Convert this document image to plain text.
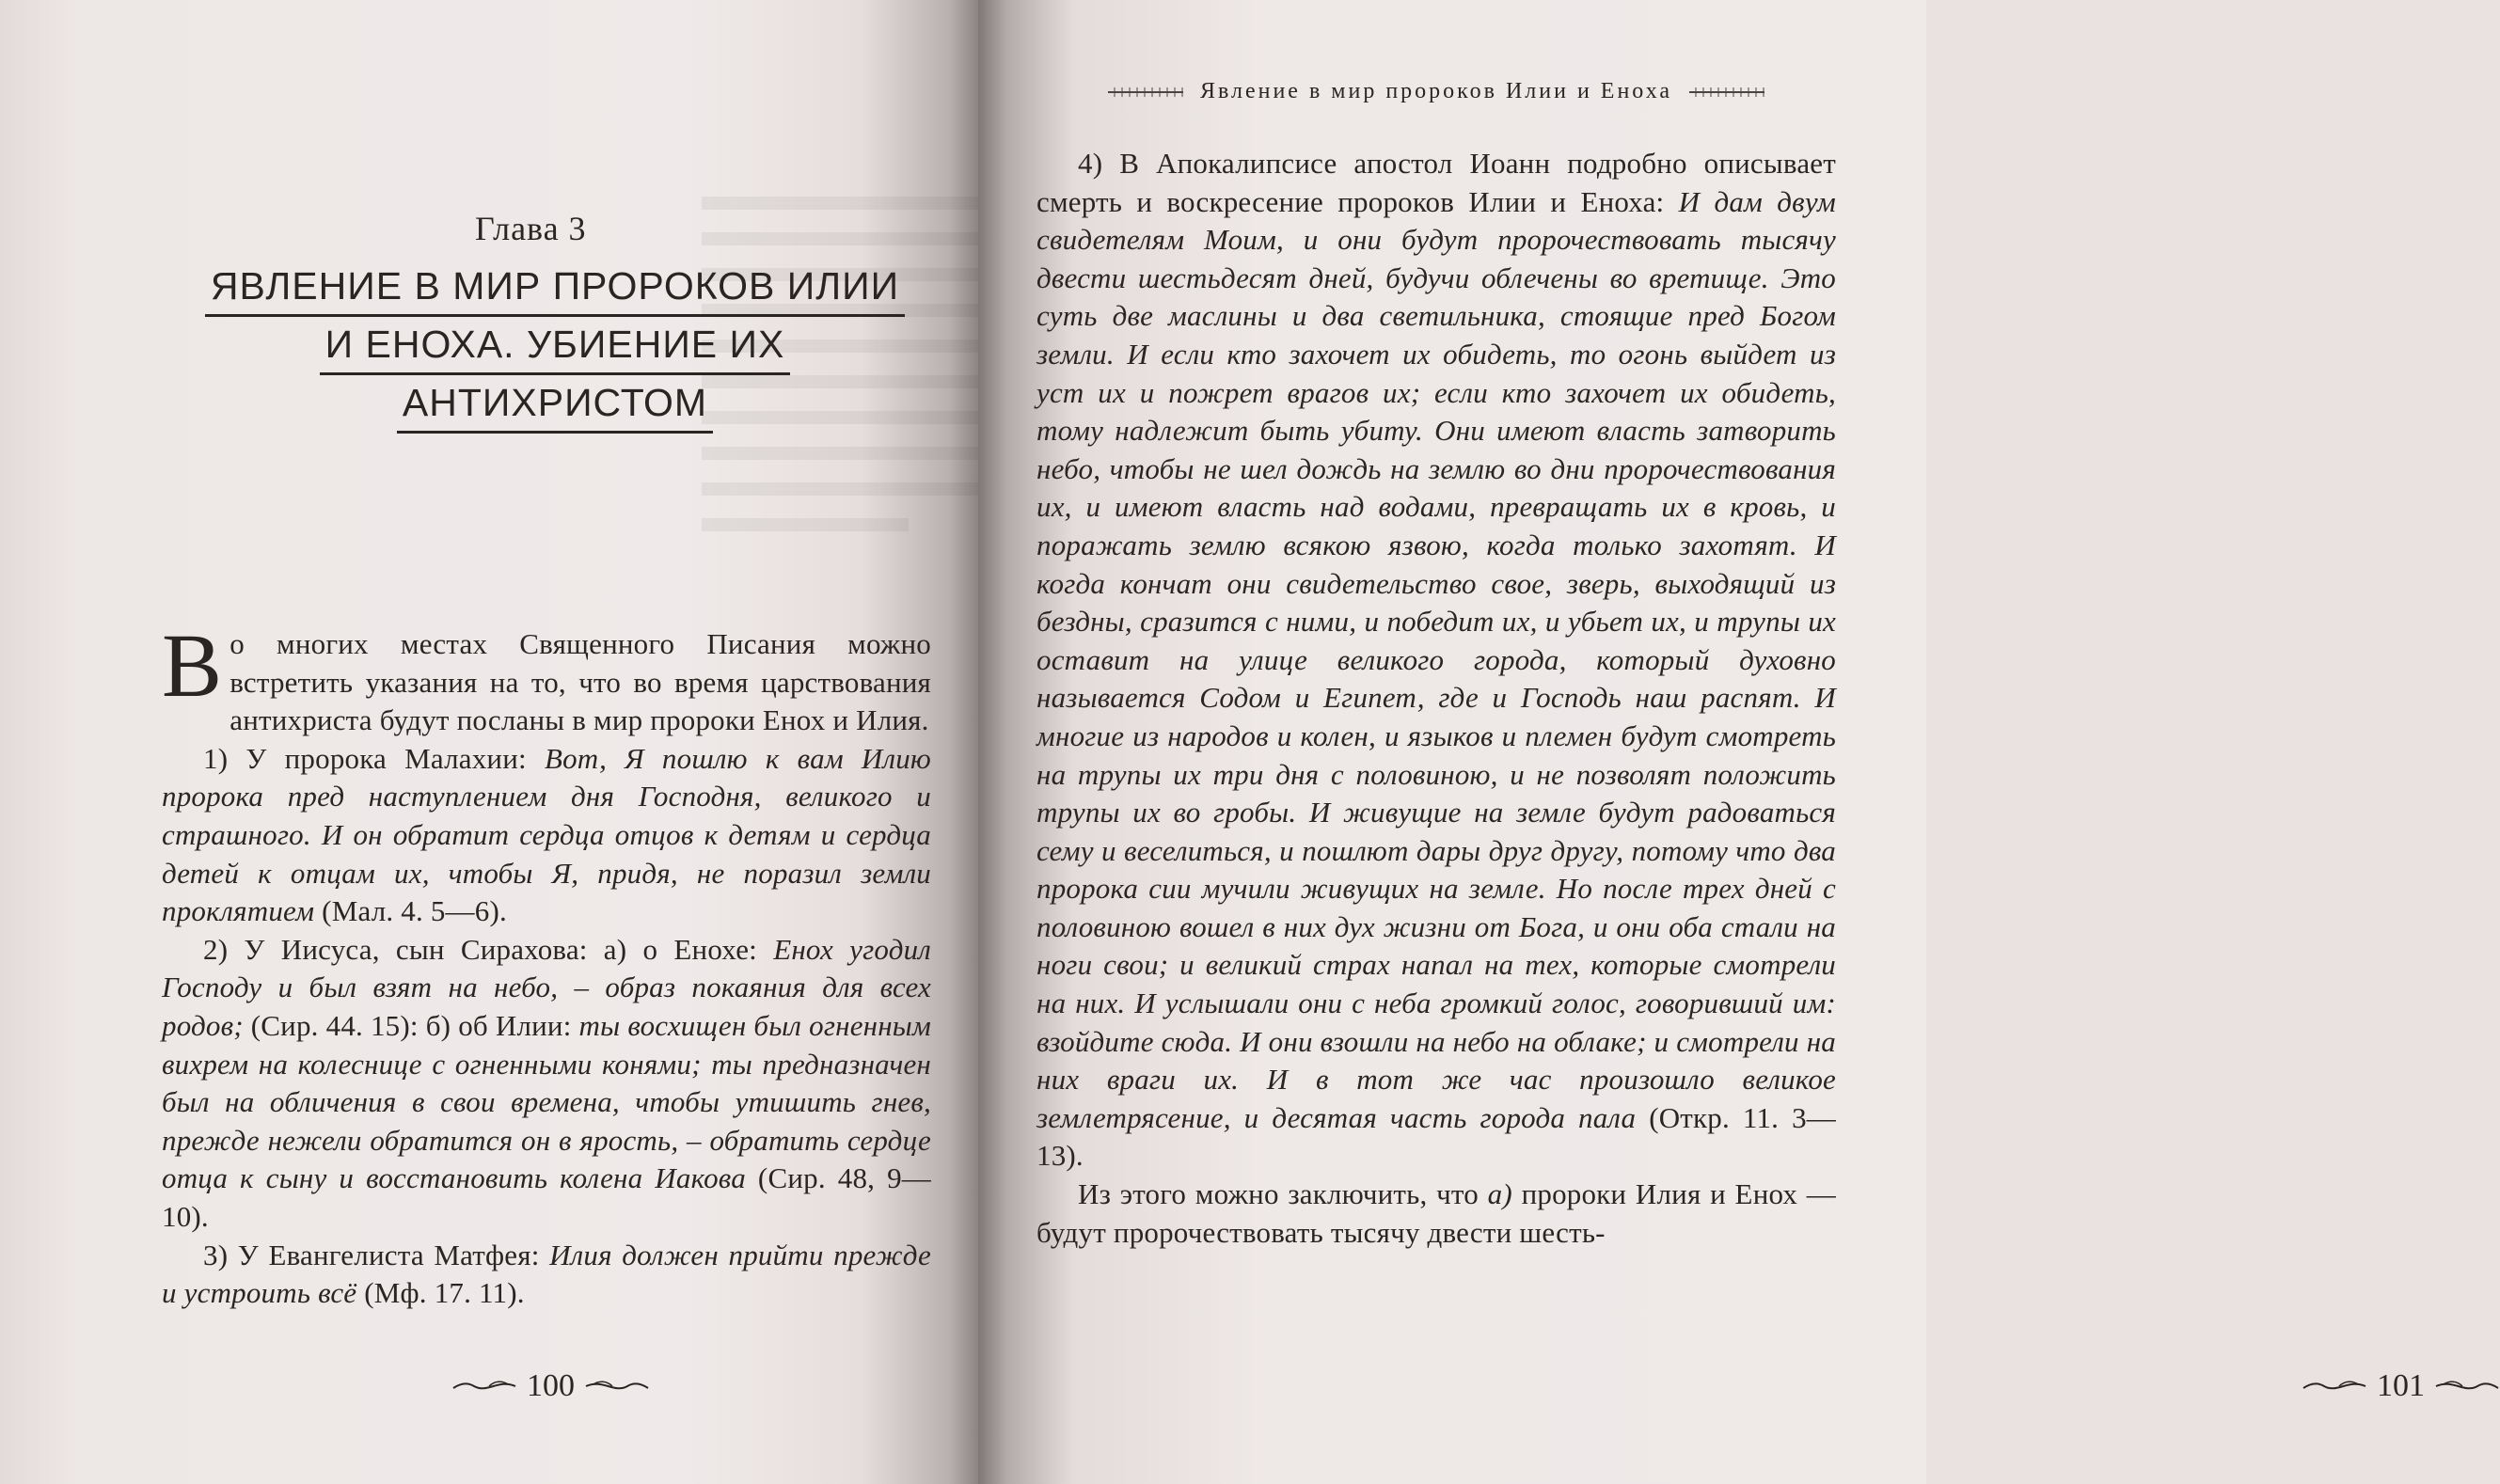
Глава 3
ЯВЛЕНИЕ В МИР ПРОРОКОВ ИЛИИ
И ЕНОХА. УБИЕНИЕ ИХ
АНТИХРИСТОМ

Во многих местах Священного Писания можно встретить указания на то, что во время царствования антихриста будут посланы в мир пророки Енох и Илия.

1) У пророка Малахии: Вот, Я пошлю к вам Илию пророка пред наступлением дня Господня, великого и страшного. И он обратит сердца отцов к детям и сердца детей к отцам их, чтобы Я, придя, не поразил земли проклятием (Мал. 4. 5—6).

2) У Иисуса, сын Сирахова: а) о Енохе: Енох угодил Господу и был взят на небо, – образ покаяния для всех родов; (Сир. 44. 15): б) об Илии: ты восхищен был огненным вихрем на колеснице с огненными конями; ты предназначен был на обличения в свои времена, чтобы утишить гнев, прежде нежели обратится он в ярость, – обратить сердце отца к сыну и восстановить колена Иакова (Сир. 48, 9—10).

3) У Евангелиста Матфея: Илия должен прийти прежде и устроить всё (Мф. 17. 11).

100
Явление в мир пророков Илии и Еноха

4) В Апокалипсисе апостол Иоанн подробно описывает смерть и воскресение пророков Илии и Еноха: И дам двум свидетелям Моим, и они будут пророчествовать тысячу двести шестьдесят дней, будучи облечены во вретище. Это суть две маслины и два светильника, стоящие пред Богом земли. И если кто захочет их обидеть, то огонь выйдет из уст их и пожрет врагов их; если кто захочет их обидеть, тому надлежит быть убиту. Они имеют власть затворить небо, чтобы не шел дождь на землю во дни пророчествования их, и имеют власть над водами, превращать их в кровь, и поражать землю всякою язвою, когда только захотят. И когда кончат они свидетельство свое, зверь, выходящий из бездны, сразится с ними, и победит их, и убьет их, и трупы их оставит на улице великого города, который духовно называется Содом и Египет, где и Господь наш распят. И многие из народов и колен, и языков и племен будут смотреть на трупы их три дня с половиною, и не позволят положить трупы их во гробы. И живущие на земле будут радоваться сему и веселиться, и пошлют дары друг другу, потому что два пророка сии мучили живущих на земле. Но после трех дней с половиною вошел в них дух жизни от Бога, и они оба стали на ноги свои; и великий страх напал на тех, которые смотрели на них. И услышали они с неба громкий голос, говоривший им: взойдите сюда. И они взошли на небо на облаке; и смотрели на них враги их. И в тот же час произошло великое землетрясение, и десятая часть города пала (Откр. 11. 3—13).

Из этого можно заключить, что а) пророки Илия и Енох — будут пророчествовать тысячу двести шесть-

101
